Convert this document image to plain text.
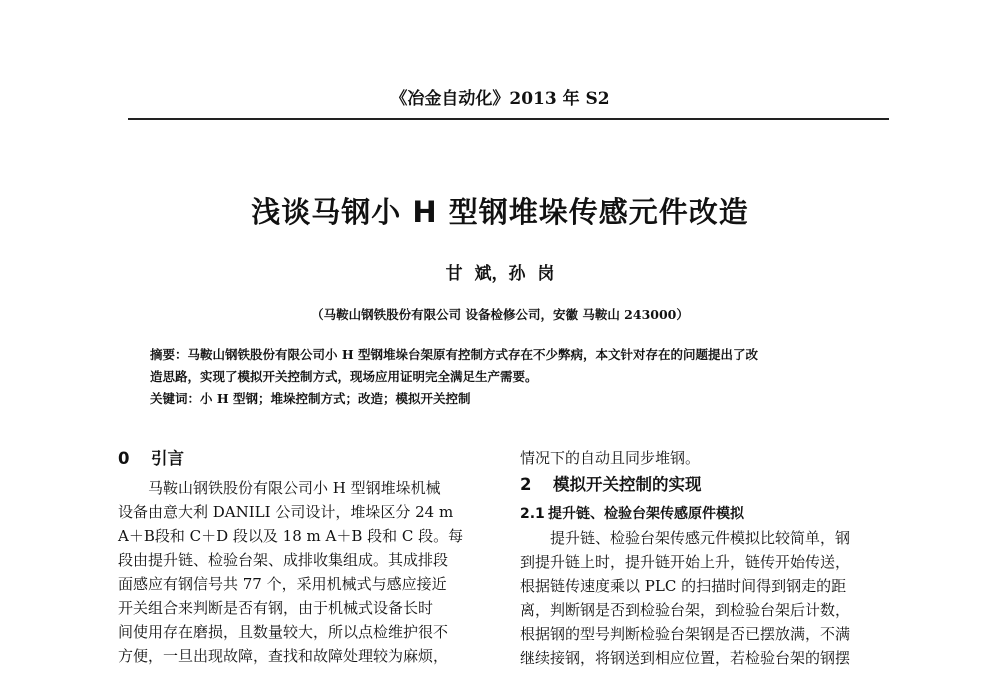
《冶金自动化》2013 年 S2
浅谈马钢小 H 型钢堆垛传感元件改造
甘 斌，孙 岗
（马鞍山钢铁股份有限公司 设备检修公司，安徽 马鞍山 243000）

摘要：马鞍山钢铁股份有限公司小 H 型钢堆垛台架原有控制方式存在不少弊病，本文针对存在的问题提出了改

造思路，实现了模拟开关控制方式，现场应用证明完全满足生产需要。

关键词：小 H 型钢；堆垛控制方式；改造；模拟开关控制

0 引言

马鞍山钢铁股份有限公司小 H 型钢堆垛机械

设备由意大利 DANILI 公司设计，堆垛区分 24 m

A＋B段和 C＋D 段以及 18 m A＋B 段和 C 段。每

段由提升链、检验台架、成排收集组成。其成排段

面感应有钢信号共 77 个，采用机械式与感应接近

开关组合来判断是否有钢，由于机械式设备长时

间使用存在磨损，且数量较大，所以点检维护很不

方便，一旦出现故障，查找和故障处理较为麻烦，

情况下的自动且同步堆钢。

2 模拟开关控制的实现

2.1 提升链、检验台架传感原件模拟

提升链、检验台架传感元件模拟比较简单，钢

到提升链上时，提升链开始上升，链传开始传送，

根据链传速度乘以 PLC 的扫描时间得到钢走的距

离，判断钢是否到检验台架，到检验台架后计数，

根据钢的型号判断检验台架钢是否已摆放满，不满

继续接钢，将钢送到相应位置，若检验台架的钢摆
